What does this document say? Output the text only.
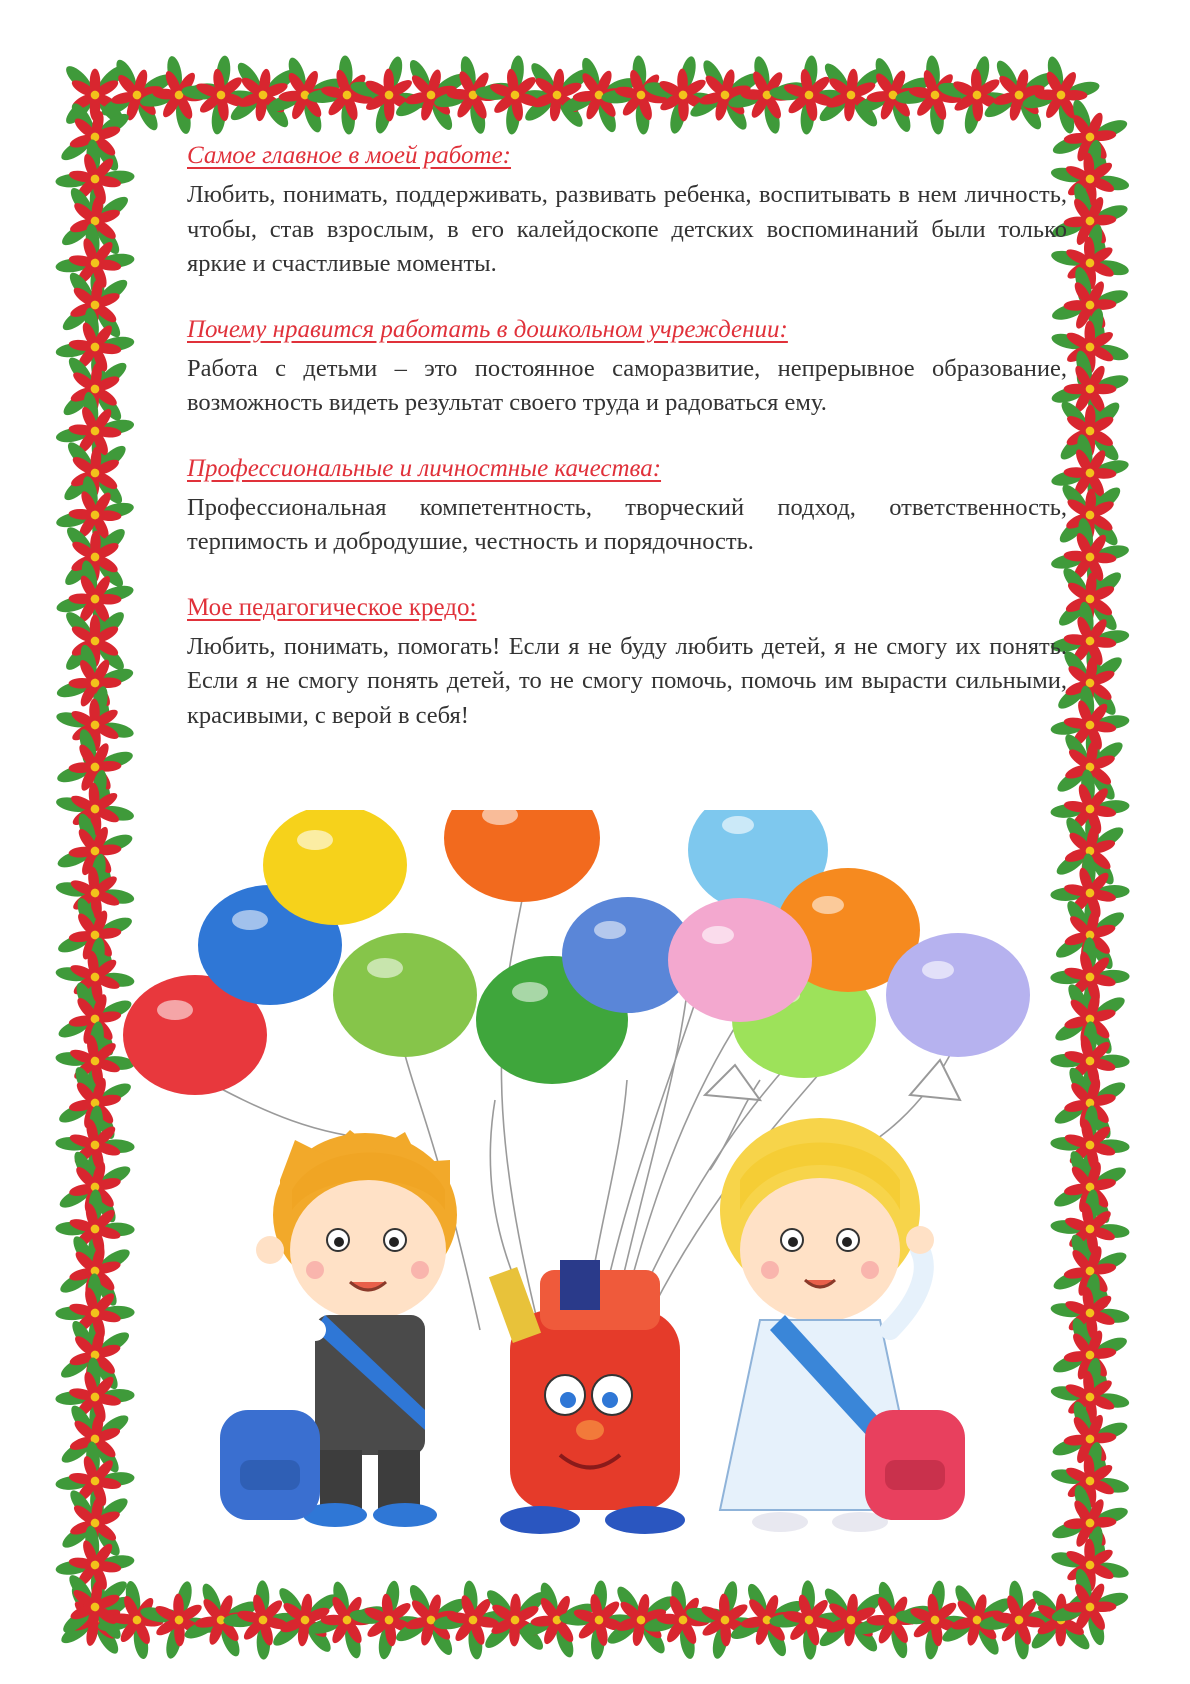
Самое главное в моей работе:

Любить, понимать, поддерживать, развивать ребенка, воспитывать в нем личность, чтобы, став взрослым, в его калейдоскопе детских воспоминаний были только яркие и счастливые моменты.

Почему нравится работать в дошкольном учреждении:

Работа с детьми – это постоянное саморазвитие, непрерывное образование, возможность видеть результат своего труда и радоваться ему.

Профессиональные и личностные качества:

Профессиональная компетентность, творческий подход, ответственность, терпимость и добродушие, честность и порядочность.

Мое педагогическое кредо:

Любить, понимать, помогать! Если я не буду любить детей, я не смогу их понять. Если я не смогу понять детей, то не смогу помочь, помочь им вырасти сильными, красивыми, с верой в себя!
